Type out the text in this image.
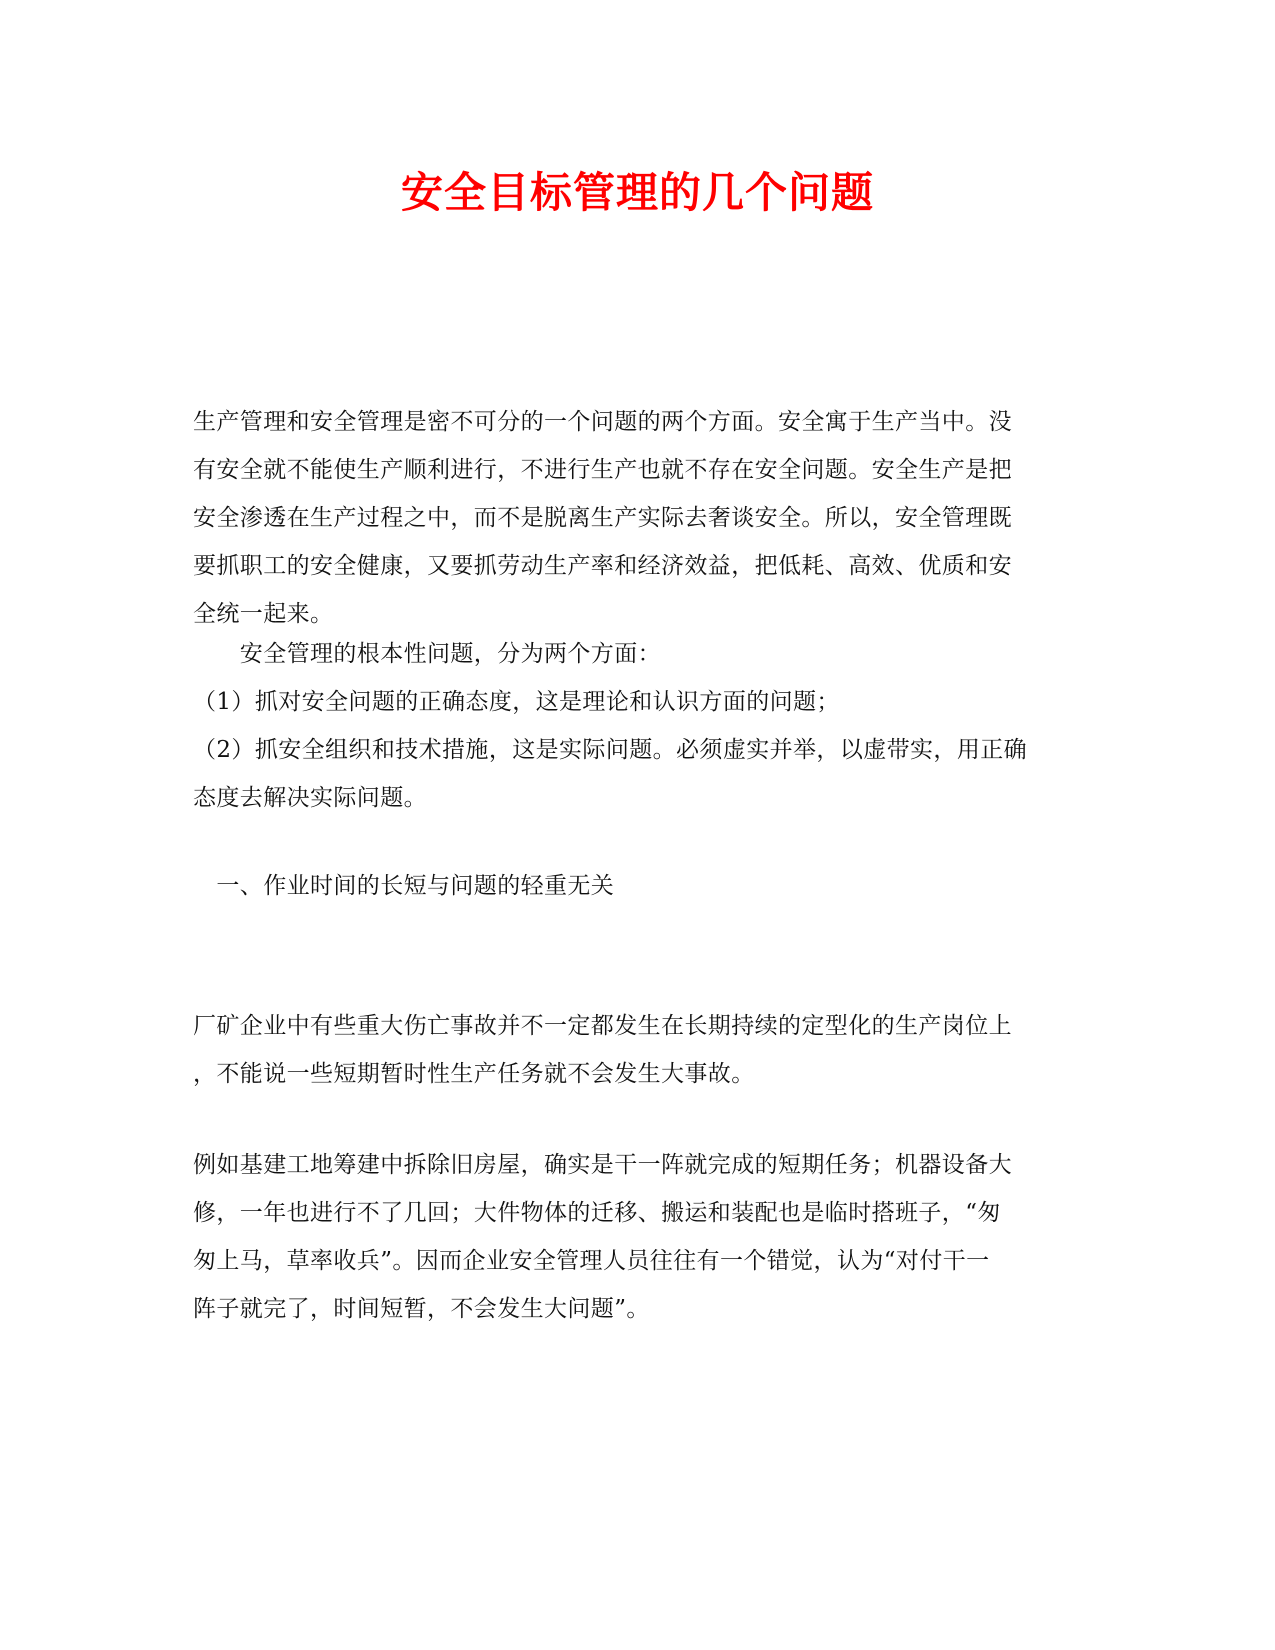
安全目标管理的几个问题
生产管理和安全管理是密不可分的一个问题的两个方面。安全寓于生产当中。没
有安全就不能使生产顺利进行，不进行生产也就不存在安全问题。安全生产是把
安全渗透在生产过程之中，而不是脱离生产实际去奢谈安全。所以，安全管理既
要抓职工的安全健康，又要抓劳动生产率和经济效益，把低耗、高效、优质和安
全统一起来。
　　安全管理的根本性问题，分为两个方面：
（1）抓对安全问题的正确态度，这是理论和认识方面的问题；
（2）抓安全组织和技术措施，这是实际问题。必须虚实并举，以虚带实，用正确
态度去解决实际问题。
　一、作业时间的长短与问题的轻重无关
厂矿企业中有些重大伤亡事故并不一定都发生在长期持续的定型化的生产岗位上
，不能说一些短期暂时性生产任务就不会发生大事故。
例如基建工地筹建中拆除旧房屋，确实是干一阵就完成的短期任务；机器设备大
修，一年也进行不了几回；大件物体的迁移、搬运和装配也是临时搭班子，“匆
匆上马，草率收兵”。因而企业安全管理人员往往有一个错觉，认为“对付干一
阵子就完了，时间短暂，不会发生大问题”。
